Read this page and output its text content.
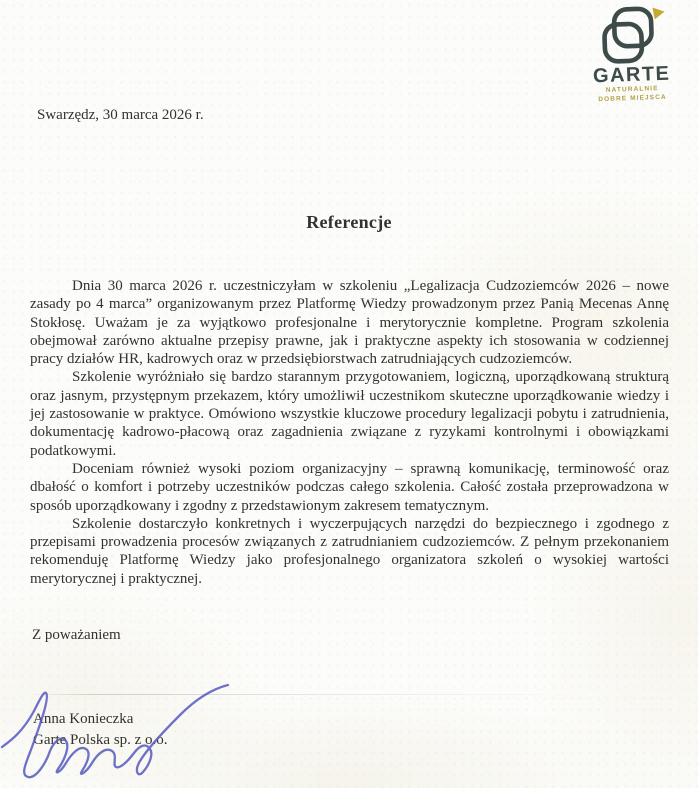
GARTE
NATURALNIE
DOBRE MIEJSCA
Swarzędz, 30 marca 2026 r.
Referencje

Dnia 30 marca 2026 r. uczestniczyłam w szkoleniu „Legalizacja Cudzoziemców 2026 – nowe zasady po 4 marca” organizowanym przez Platformę Wiedzy prowadzonym przez Panią Mecenas Annę Stokłosę. Uważam je za wyjątkowo profesjonalne i merytorycznie kompletne. Program szkolenia obejmował zarówno aktualne przepisy prawne, jak i praktyczne aspekty ich stosowania w codziennej pracy działów HR, kadrowych oraz w przedsiębiorstwach zatrudniających cudzoziemców.

Szkolenie wyróżniało się bardzo starannym przygotowaniem, logiczną, uporządkowaną strukturą oraz jasnym, przystępnym przekazem, który umożliwił uczestnikom skuteczne uporządkowanie wiedzy i jej zastosowanie w praktyce. Omówiono wszystkie kluczowe procedury legalizacji pobytu i zatrudnienia, dokumentację kadrowo-płacową oraz zagadnienia związane z ryzykami kontrolnymi i obowiązkami podatkowymi.

Doceniam również wysoki poziom organizacyjny – sprawną komunikację, terminowość oraz dbałość o komfort i potrzeby uczestników podczas całego szkolenia. Całość została przeprowadzona w sposób uporządkowany i zgodny z przedstawionym zakresem tematycznym.

Szkolenie dostarczyło konkretnych i wyczerpujących narzędzi do bezpiecznego i zgodnego z przepisami prowadzenia procesów związanych z zatrudnianiem cudzoziemców. Z pełnym przekonaniem rekomenduję Platformę Wiedzy jako profesjonalnego organizatora szkoleń o wysokiej wartości merytorycznej i praktycznej.

Z poważaniem
Anna Konieczka
Garte Polska sp. z o.o.
